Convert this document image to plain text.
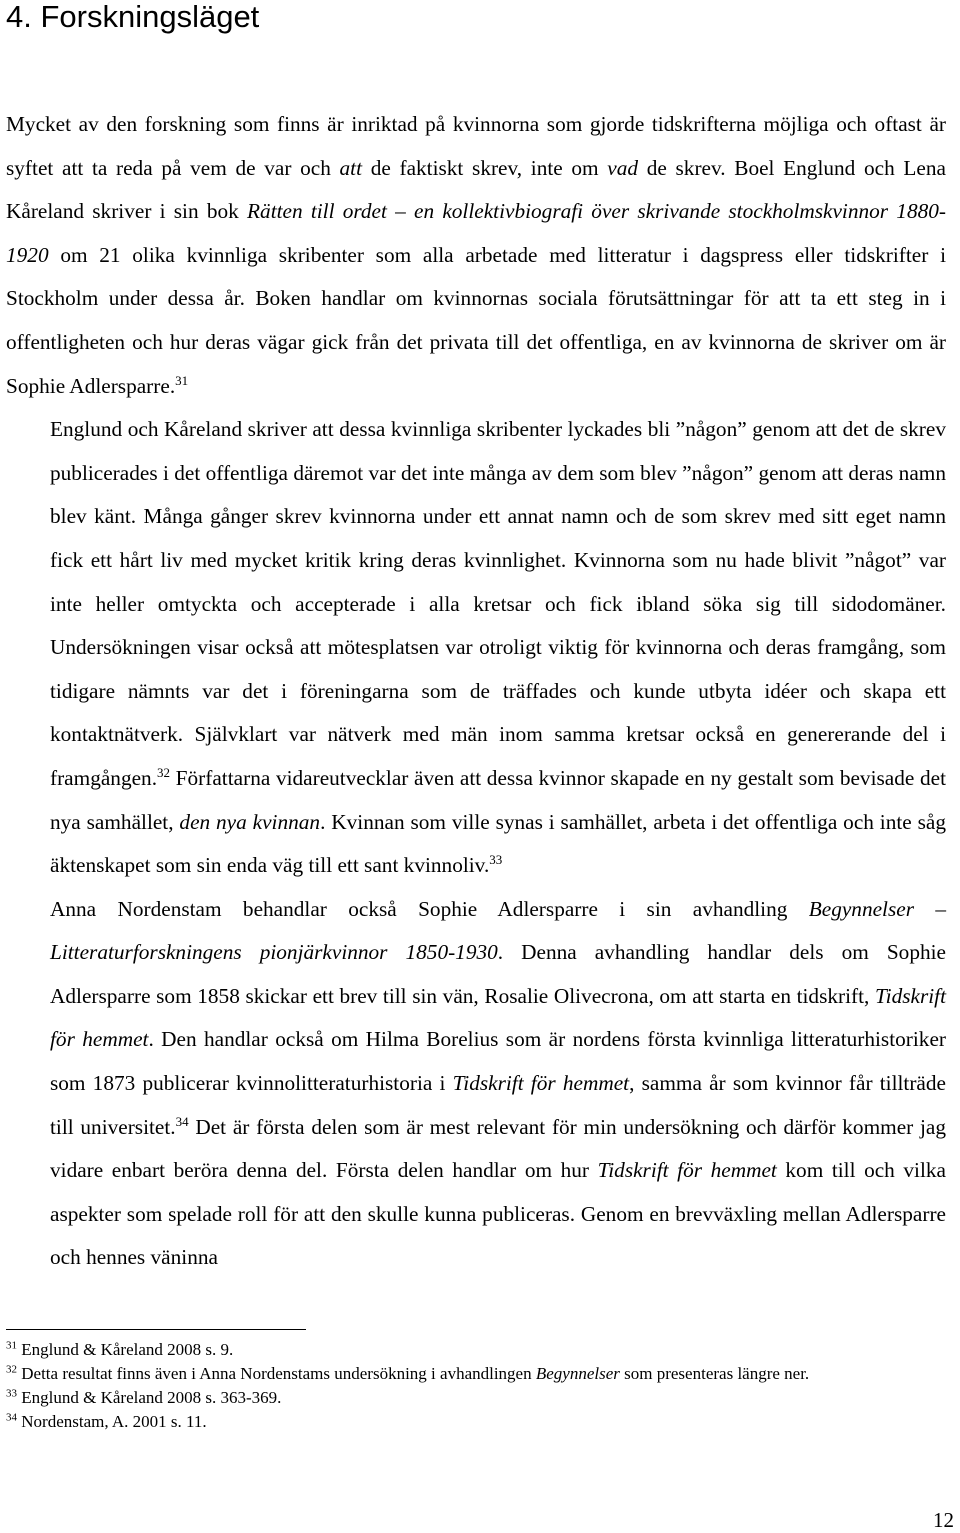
4. Forskningsläget

Mycket av den forskning som finns är inriktad på kvinnorna som gjorde tidskrifterna möjliga och oftast är syftet att ta reda på vem de var och att de faktiskt skrev, inte om vad de skrev. Boel Englund och Lena Kåreland skriver i sin bok Rätten till ordet – en kollektivbiografi över skrivande stockholmskvinnor 1880-1920 om 21 olika kvinnliga skribenter som alla arbetade med litteratur i dagspress eller tidskrifter i Stockholm under dessa år. Boken handlar om kvinnornas sociala förutsättningar för att ta ett steg in i offentligheten och hur deras vägar gick från det privata till det offentliga, en av kvinnorna de skriver om är Sophie Adlersparre.$^{31}$

Englund och Kåreland skriver att dessa kvinnliga skribenter lyckades bli ”någon” genom att det de skrev publicerades i det offentliga däremot var det inte många av dem som blev ”någon” genom att deras namn blev känt. Många gånger skrev kvinnorna under ett annat namn och de som skrev med sitt eget namn fick ett hårt liv med mycket kritik kring deras kvinnlighet. Kvinnorna som nu hade blivit ”något” var inte heller omtyckta och accepterade i alla kretsar och fick ibland söka sig till sidodomäner. Undersökningen visar också att mötesplatsen var otroligt viktig för kvinnorna och deras framgång, som tidigare nämnts var det i föreningarna som de träffades och kunde utbyta idéer och skapa ett kontaktnätverk. Självklart var nätverk med män inom samma kretsar också en genererande del i framgången.$^{32}$ Författarna vidareutvecklar även att dessa kvinnor skapade en ny gestalt som bevisade det nya samhället, den nya kvinnan. Kvinnan som ville synas i samhället, arbeta i det offentliga och inte såg äktenskapet som sin enda väg till ett sant kvinnoliv.$^{33}$

Anna Nordenstam behandlar också Sophie Adlersparre i sin avhandling Begynnelser – Litteraturforskningens pionjärkvinnor 1850-1930. Denna avhandling handlar dels om Sophie Adlersparre som 1858 skickar ett brev till sin vän, Rosalie Olivecrona, om att starta en tidskrift, Tidskrift för hemmet. Den handlar också om Hilma Borelius som är nordens första kvinnliga litteraturhistoriker som 1873 publicerar kvinnolitteraturhistoria i Tidskrift för hemmet, samma år som kvinnor får tillträde till universitet.$^{34}$ Det är första delen som är mest relevant för min undersökning och därför kommer jag vidare enbart beröra denna del. Första delen handlar om hur Tidskrift för hemmet kom till och vilka aspekter som spelade roll för att den skulle kunna publiceras. Genom en brevväxling mellan Adlersparre och hennes väninna

$^{31}$ Englund & Kåreland 2008 s. 9.

$^{32}$ Detta resultat finns även i Anna Nordenstams undersökning i avhandlingen Begynnelser som presenteras längre ner.

$^{33}$ Englund & Kåreland 2008 s. 363-369.

$^{34}$ Nordenstam, A. 2001 s. 11.

12
